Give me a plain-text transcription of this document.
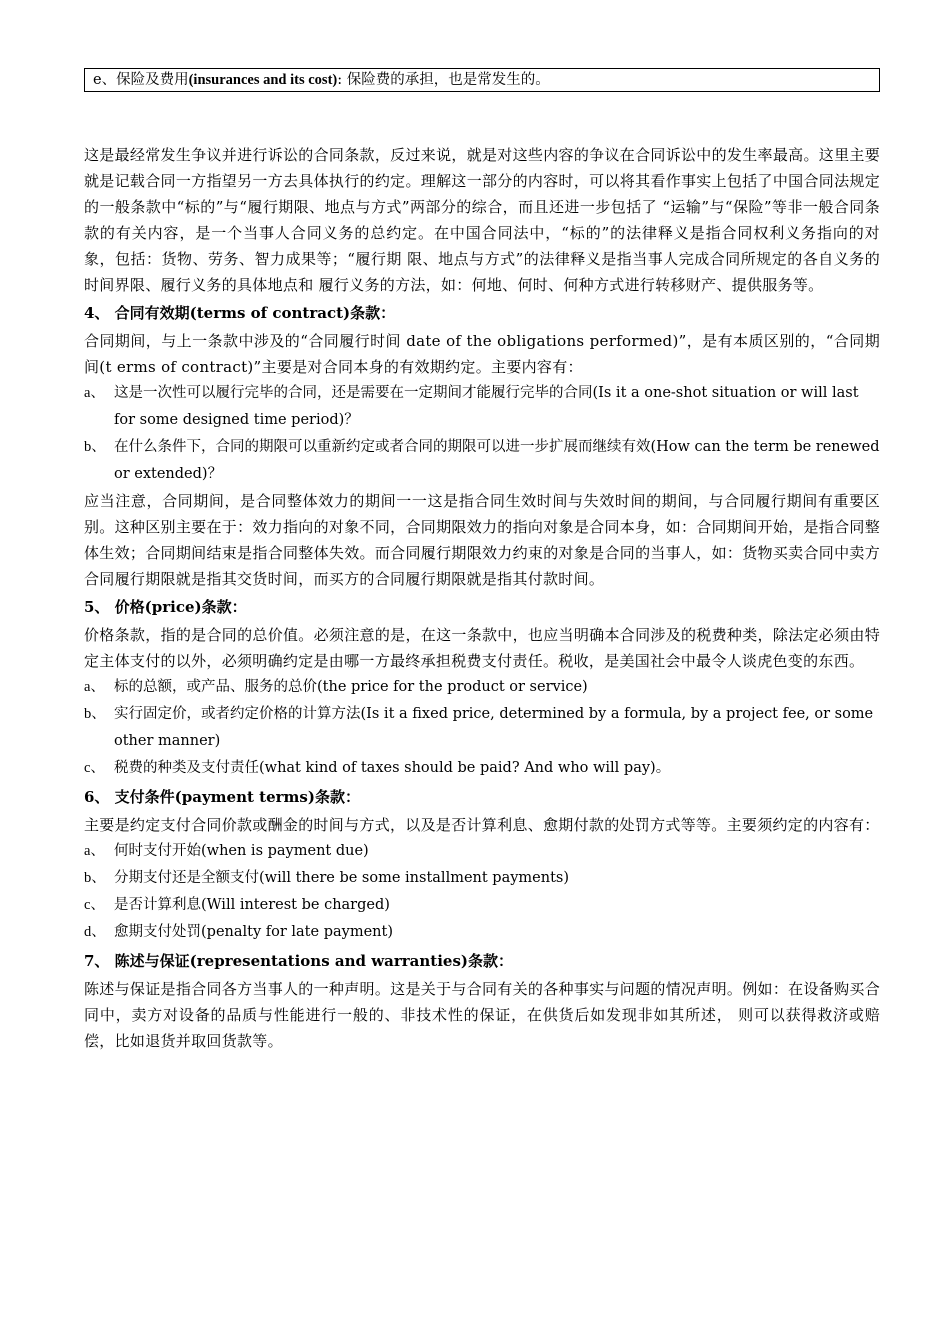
e、保险及费用(insurances and its cost): 保险费的承担，也是常发生的。

这是最经常发生争议并进行诉讼的合同条款，反过来说，就是对这些内容的争议在合同诉讼中的发生率最高。这里主要就是记载合同一方指望另一方去具体执行的约定。理解这一部分的内容时，可以将其看作事实上包括了中国合同法规定的一般条款中“标的”与“履行期限、地点与方式”两部分的综合，而且还进一步包括了 “运输”与“保险”等非一般合同条款的有关内容，是一个当事人合同义务的总约定。在中国合同法中，“标的”的法律释义是指合同权利义务指向的对象，包括：货物、劳务、智力成果等；“履行期 限、地点与方式”的法律释义是指当事人完成合同所规定的各自义务的时间界限、履行义务的具体地点和 履行义务的方法，如：何地、何时、何种方式进行转移财产、提供服务等。

4、 合同有效期(terms of contract)条款：

合同期间，与上一条款中涉及的“合同履行时间 date of the obligations performed)”，是有本质区别的，“合同期间(t erms of contract)”主要是对合同本身的有效期约定。主要内容有：

a、 这是一次性可以履行完毕的合同，还是需要在一定期间才能履行完毕的合同(Is it a one-shot situation or will last for some designed time period)？
b、 在什么条件下，合同的期限可以重新约定或者合同的期限可以进一步扩展而继续有效(How can the term be renewed or extended)？

应当注意，合同期间，是合同整体效力的期间一一这是指合同生效时间与失效时间的期间，与合同履行期间有重要区别。这种区别主要在于：效力指向的对象不同，合同期限效力的指向对象是合同本身，如：合同期间开始，是指合同整体生效；合同期间结束是指合同整体失效。而合同履行期限效力约束的对象是合同的当事人，如：货物买卖合同中卖方合同履行期限就是指其交货时间，而买方的合同履行期限就是指其付款时间。

5、 价格(price)条款：

价格条款，指的是合同的总价值。必须注意的是，在这一条款中，也应当明确本合同涉及的税费种类，除法定必须由特定主体支付的以外，必须明确约定是由哪一方最终承担税费支付责任。税收，是美国社会中最令人谈虎色变的东西。

a、 标的总额，或产品、服务的总价(the price for the product or service)
b、 实行固定价，或者约定价格的计算方法(Is it a fixed price, determined by a formula, by a project fee, or some other manner)
c、 税费的种类及支付责任(what kind of taxes should be paid? And who will pay)。
6、 支付条件(payment terms)条款：

主要是约定支付合同价款或酬金的时间与方式，以及是否计算利息、愈期付款的处罚方式等等。主要须约定的内容有：

a、 何时支付开始(when is payment due)
b、 分期支付还是全额支付(will there be some installment payments)
c、 是否计算利息(Will interest be charged)
d、 愈期支付处罚(penalty for late payment)
7、 陈述与保证(representations and warranties)条款：

陈述与保证是指合同各方当事人的一种声明。这是关于与合同有关的各种事实与问题的情况声明。例如：在设备购买合同中，卖方对设备的品质与性能进行一般的、非技术性的保证，在供货后如发现非如其所述， 则可以获得救济或赔偿，比如退货并取回货款等。
